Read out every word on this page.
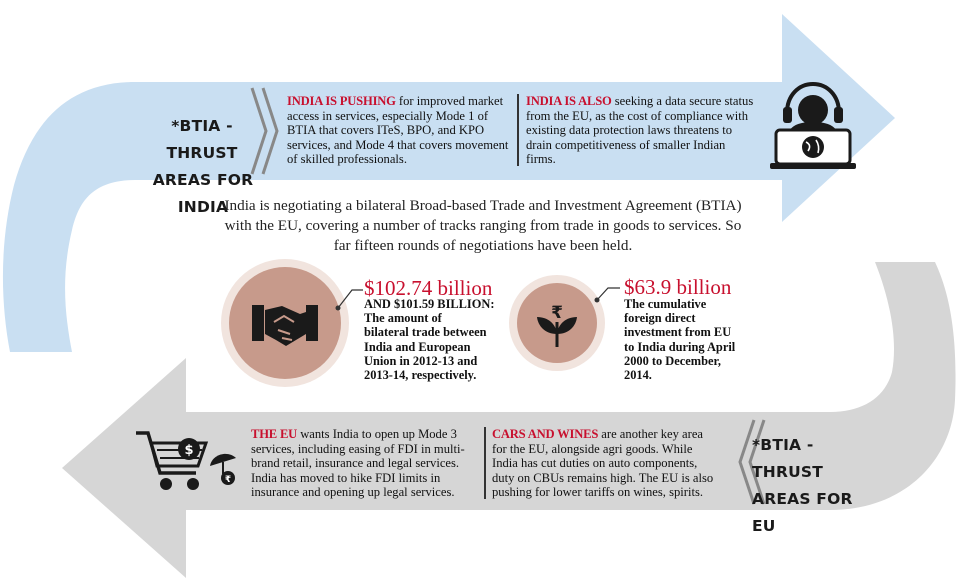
₹
$
₹
*BTIA -THRUST
AREAS FOR INDIA
INDIA IS PUSHING for improved market access in services, especially Mode 1 of BTIA that covers ITeS, BPO, and KPO services, and Mode 4 that covers movement of skilled professionals.
INDIA IS ALSO seeking a data secure status from the EU, as the cost of compliance with existing data protection laws threatens to drain competitiveness of smaller Indian firms.
India is negotiating a bilateral Broad-based Trade and Investment Agreement (BTIA) with the EU, covering a number of tracks ranging from trade in goods to services. So far fifteen rounds of negotiations have been held.
$102.74 billion
AND $101.59 BILLION:
The amount of bilateral trade between India and European Union in 2012-13 and 2013-14, respectively.
$63.9 billion
The cumulative foreign direct investment from EU to India during April 2000 to December, 2014.
THE EU wants India to open up Mode 3 services, including easing of FDI in multi-brand retail, insurance and legal services. India has moved to hike FDI limits in insurance and opening up legal services.
CARS AND WINES are another key area for the EU, alongside agri goods. While India has cut duties on auto components, duty on CBUs remains high. The EU is also pushing for lower tariffs on wines, spirits.
*BTIA -THRUST
AREAS FOR EU
